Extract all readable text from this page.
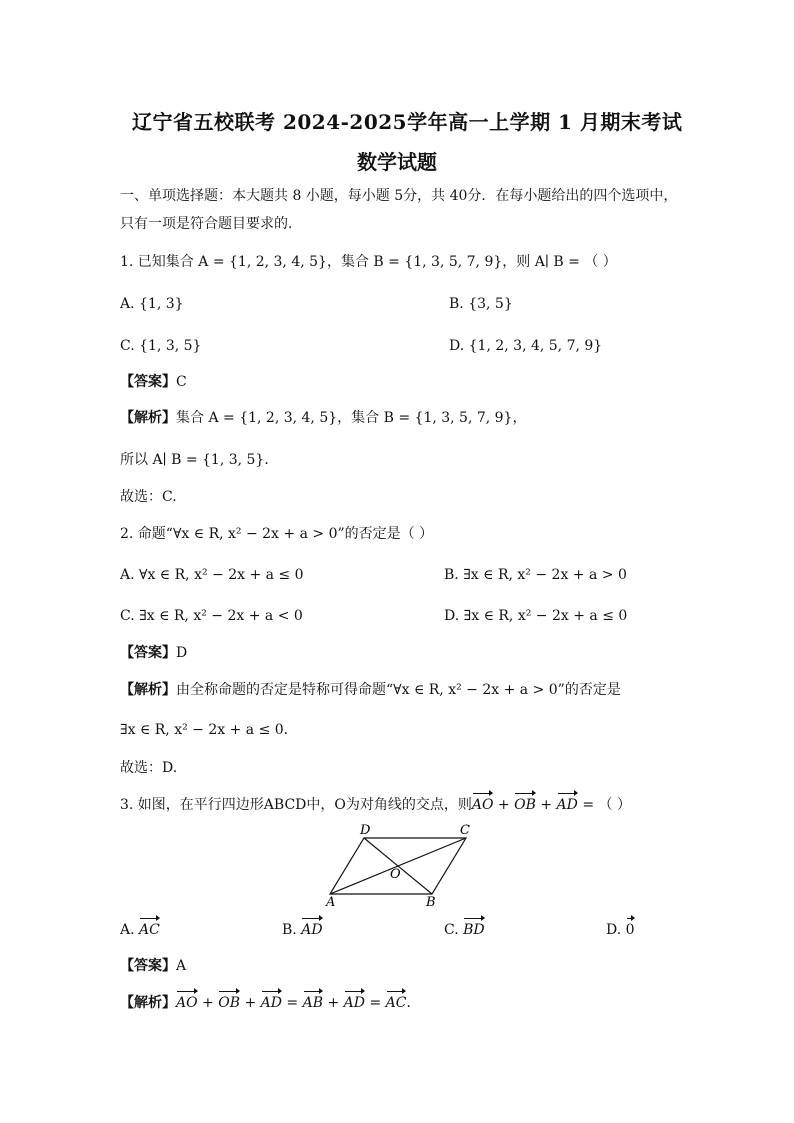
辽宁省五校联考 2024-2025学年高一上学期 1 月期末考试
数学试题
一、单项选择题：本大题共 8 小题，每小题 5分，共 40分．在每小题给出的四个选项中，
只有一项是符合题目要求的．
1. 已知集合 A = {1, 2, 3, 4, 5}，集合 B = {1, 3, 5, 7, 9}，则 A∣ B = （ ）
A. {1, 3}	B. {3, 5}
C. {1, 3, 5}	D. {1, 2, 3, 4, 5, 7, 9}
【答案】C
【解析】集合 A = {1, 2, 3, 4, 5}，集合 B = {1, 3, 5, 7, 9}，
所以 A∣ B = {1, 3, 5}．
故选：C.
2. 命题“∀x ∈ R, x² − 2x + a > 0”的否定是（ ）
A. ∀x ∈ R, x² − 2x + a ≤ 0	B. ∃x ∈ R, x² − 2x + a > 0
C. ∃x ∈ R, x² − 2x + a < 0	D. ∃x ∈ R, x² − 2x + a ≤ 0
【答案】D
【解析】由全称命题的否定是特称可得命题“∀x ∈ R, x² − 2x + a > 0”的否定是
∃x ∈ R, x² − 2x + a ≤ 0．
故选：D.
3. 如图，在平行四边形ABCD中，O为对角线的交点，则AO + OB + AD = （ ）
A	B
C
D
O
A. AC	B. AD	C. BD	D. 0
【答案】A
【解析】AO + OB + AD = AB + AD = AC．
